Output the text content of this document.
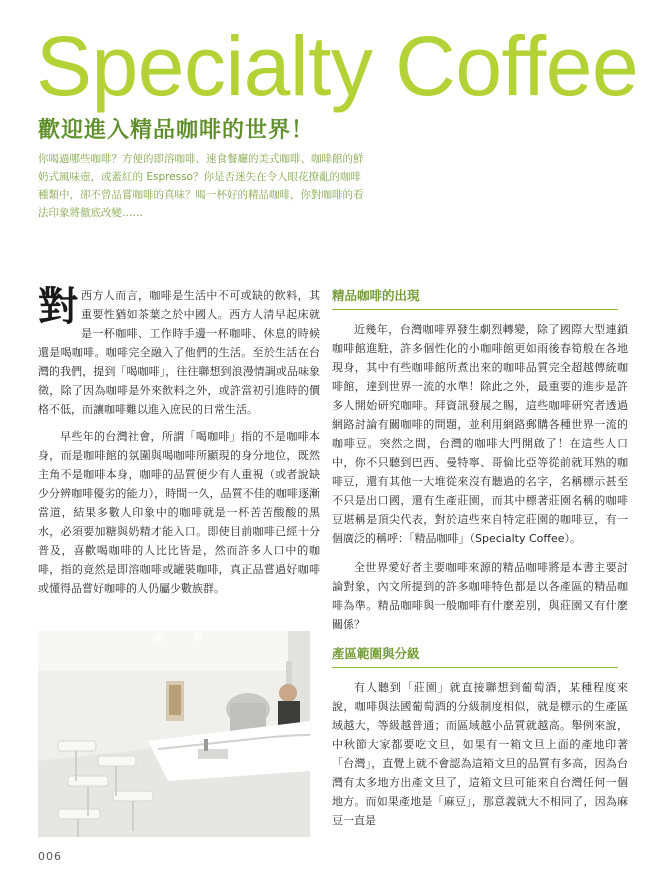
Specialty Coffee
歡迎進入精品咖啡的世界！
你喝過哪些咖啡？方便的即溶咖啡、速食餐廳的美式咖啡、咖啡館的鮮奶式風味壺，或蓋紅的 Espresso？你是否迷失在令人眼花撩亂的咖啡種類中，卻不曾品嘗咖啡的真味？喝一杯好的精品咖啡，你對咖啡的看法印象將徹底改變……

對 西方人而言，咖啡是生活中不可或缺的飲料，其重要性猶如茶葉之於中國人。西方人清早起床就是一杯咖啡、工作時手邊一杯咖啡、休息的時候還是喝咖啡。咖啡完全融入了他們的生活。至於生活在台灣的我們，提到「喝咖啡」，往往聯想到浪漫情調或品味象徵，除了因為咖啡是外來飲料之外，或許當初引進時的價格不低，而讓咖啡難以進入庶民的日常生活。

早些年的台灣社會，所謂「喝咖啡」指的不是咖啡本身，而是咖啡館的氛圍與喝咖啡所顯現的身分地位，既然主角不是咖啡本身，咖啡的品質便少有人重視（或者說缺少分辨咖啡優劣的能力），時間一久，品質不佳的咖啡逐漸當道，結果多數人印象中的咖啡就是一杯苦苦酸酸的黑水，必須要加糖與奶精才能入口。即使目前咖啡已經十分普及，喜歡喝咖啡的人比比皆是，然而許多人口中的咖啡，指的竟然是即溶咖啡或罐裝咖啡，真正品嘗過好咖啡或懂得品嘗好咖啡的人仍屬少數族群。

精品咖啡的出現

近幾年，台灣咖啡界發生劇烈轉變，除了國際大型連鎖咖啡館進駐，許多個性化的小咖啡館更如雨後春筍般在各地現身，其中有些咖啡館所煮出來的咖啡品質完全超越傳統咖啡館，達到世界一流的水準！除此之外，最重要的進步是許多人開始研究咖啡。拜資訊發展之賜，這些咖啡研究者透過網路討論有關咖啡的問題，並利用網路郵購各種世界一流的咖啡豆。突然之間，台灣的咖啡大門開啟了！在這些人口中，你不只聽到巴西、曼特寧、哥倫比亞等從前就耳熟的咖啡豆，還有其他一大堆從來沒有聽過的名字，名稱標示甚至不只是出口國，還有生產莊園，而其中標著莊園名稱的咖啡豆堪稱是頂尖代表，對於這些來自特定莊園的咖啡豆，有一個廣泛的稱呼：「精品咖啡」（Specialty Coffee）。

全世界愛好者主要咖啡來源的精品咖啡將是本書主要討論對象，內文所提到的許多咖啡特色都是以各產區的精品咖啡為準。精品咖啡與一般咖啡有什麼差別，與莊園又有什麼關係？

產區範圍與分級

有人聽到「莊園」就直接聯想到葡萄酒，某種程度來說，咖啡與法國葡萄酒的分級制度相似，就是標示的生產區域越大，等級越普通；而區域越小品質就越高。舉例來說，中秋節大家都要吃文旦，如果有一箱文旦上面的產地印著「台灣」，直覺上就不會認為這箱文旦的品質有多高，因為台灣有太多地方出產文旦了，這箱文旦可能來自台灣任何一個地方。而如果產地是「麻豆」，那意義就大不相同了，因為麻豆一直是

006
